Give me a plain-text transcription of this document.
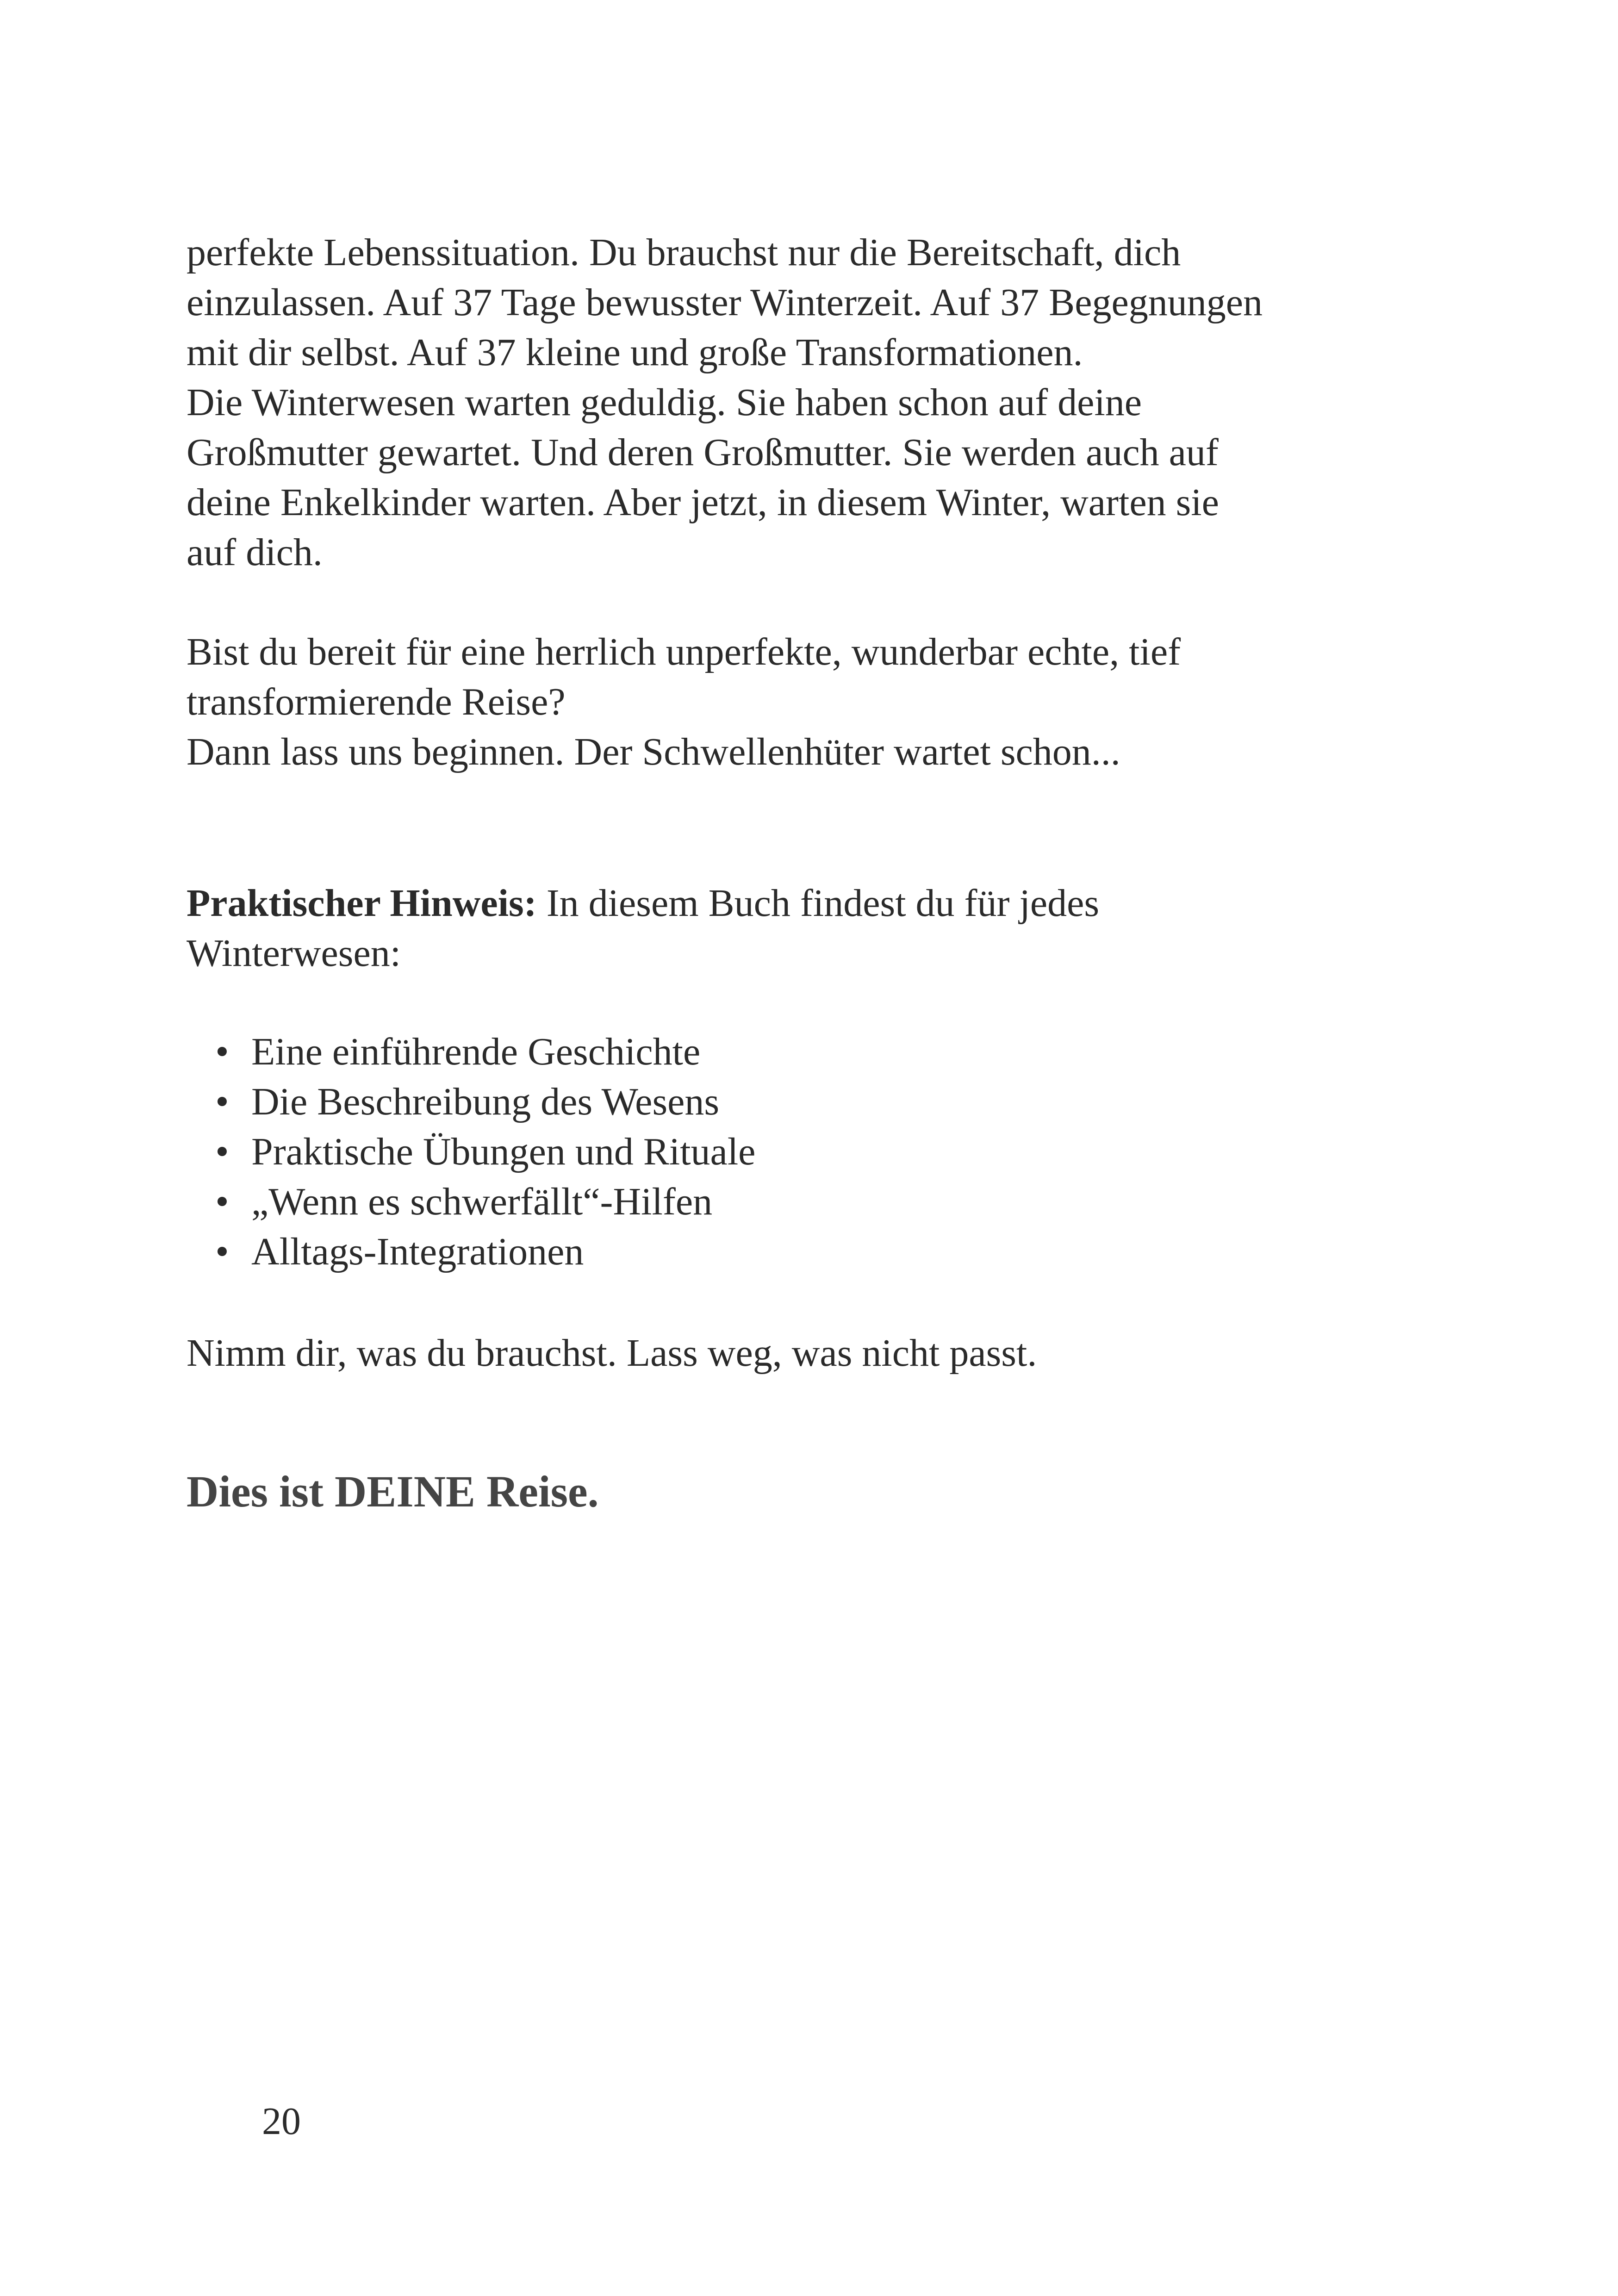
perfekte Lebenssituation. Du brauchst nur die Bereitschaft, dich
einzulassen. Auf 37 Tage bewusster Winterzeit. Auf 37 Begegnungen
mit dir selbst. Auf 37 kleine und große Transformationen.
Die Winterwesen warten geduldig. Sie haben schon auf deine
Großmutter gewartet. Und deren Großmutter. Sie werden auch auf
deine Enkelkinder warten. Aber jetzt, in diesem Winter, warten sie
auf dich.
Bist du bereit für eine herrlich unperfekte, wunderbar echte, tief
transformierende Reise?
Dann lass uns beginnen. Der Schwellenhüter wartet schon...
Praktischer Hinweis: In diesem Buch findest du für jedes
Winterwesen:
• Eine einführende Geschichte
• Die Beschreibung des Wesens
• Praktische Übungen und Rituale
• „Wenn es schwerfällt“-Hilfen
• Alltags-Integrationen
Nimm dir, was du brauchst. Lass weg, was nicht passt.
Dies ist DEINE Reise.
20
